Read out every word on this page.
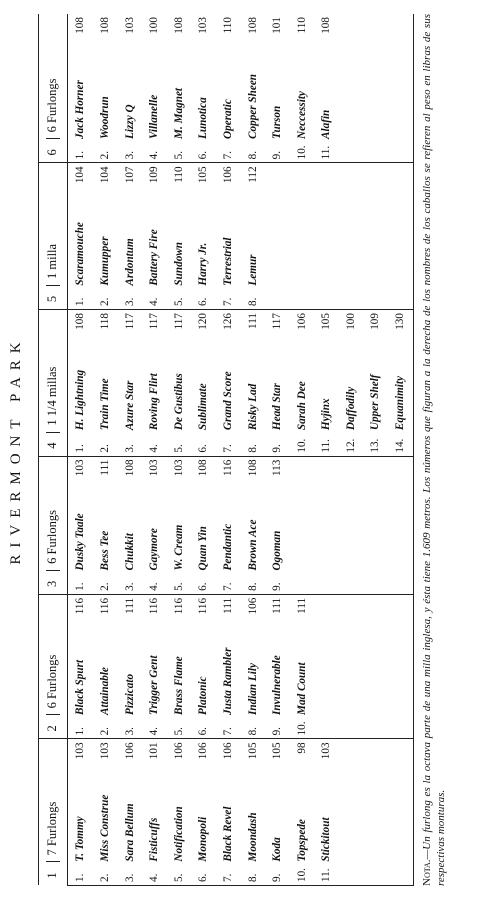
RIVERMONT PARK
17 Furlongs			26 Furlongs			36 Furlongs			41 1/4 millas			51 milla			66 Furlongs		
1.	T. Tommy	103	1.	Black Spurt	116	1.	Dusky Taale	103	1.	H. Lightning	108	1.	Scaramouche	104	1.	Jack Horner	108
2.	Miss Construe	103	2.	Attainable	116	2.	Bess Tee	111	2.	Train Time	118	2.	Kumupper	104	2.	Woodrun	108
3.	Sara Bellum	106	3.	Pizzicato	111	3.	Chukkit	108	3.	Azure Star	117	3.	Ardontum	107	3.	Lizzy Q	103
4.	Fisticuffs	101	4.	Trigger Gent	116	4.	Gaymore	103	4.	Roving Flirt	117	4.	Battery Fire	109	4.	Villanelle	100
5.	Notification	106	5.	Brass Flame	116	5.	W. Cream	103	5.	De Gustibus	117	5.	Sundown	110	5.	M. Magnet	108
6.	Monopoli	106	6.	Platonic	116	6.	Quan Yin	108	6.	Sublimate	120	6.	Harry Jr.	105	6.	Lunotica	103
7.	Black Revel	106	7.	Justa Rambler	111	7.	Pendantic	116	7.	Grand Score	126	7.	Terrestrial	106	7.	Operatic	110
8.	Moondash	105	8.	Indian Lily	106	8.	Brown Ace	108	8.	Risky Lad	111	8.	Lemur	112	8.	Copper Sheen	108
9.	Koda	105	9.	Invulnerable	111	9.	Ogoman	113	9.	Head Star	117				9.	Turson	101
10.	Topspede	98	10.	Mad Count	111				10.	Sarah Dee	106				10.	Neccessity	110
11.	Stickitout	103							11.	Hyjinx	105				11.	Alafin	108
									12.	Daffodily	100						
									13.	Upper Shelf	109						
									14.	Equanimity	130						
Nota.—Un furlong es la octava parte de una milla inglesa, y ésta tiene 1.609 metros. Los números que figuran a la derecha de los nombres de los caballos se refieren al peso en libras de sus respectivas monturas.
